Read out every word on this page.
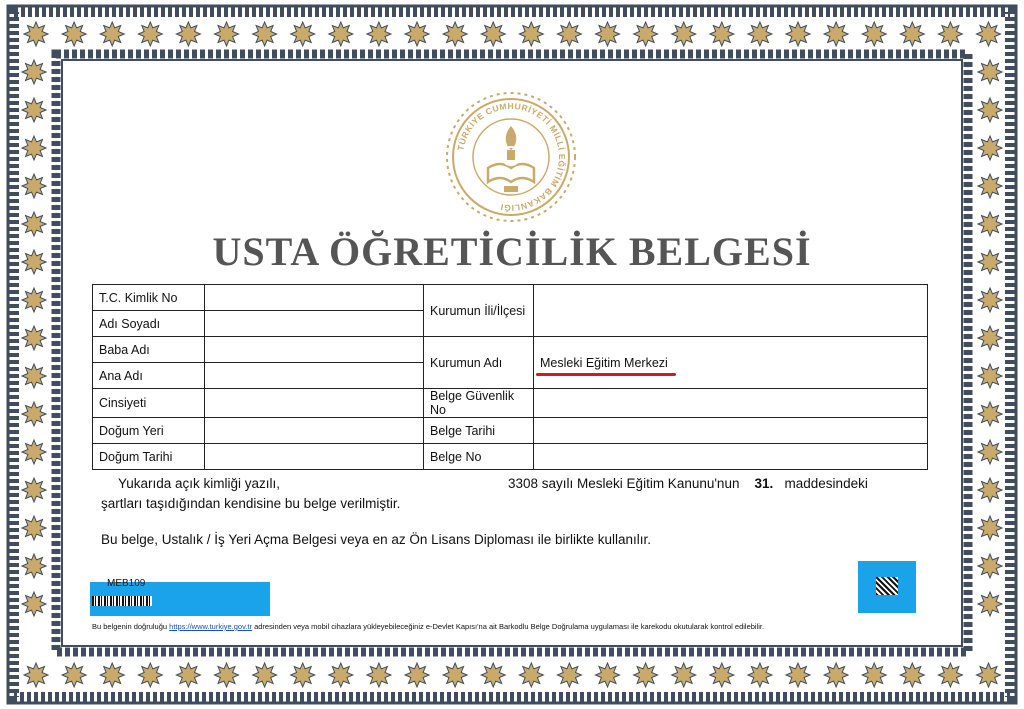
TÜRKİYE CUMHURİYETİ MİLLİ EĞİTİM BAKANLIĞI
USTA ÖĞRETİCİLİK BELGESİ
T.C. Kimlik No		Kurumun İli/İlçesi	
Adı Soyadı			
Baba Adı		Kurumun Adı	Mesleki Eğitim Merkezi

Ana Adı			
Cinsiyeti		Belge Güvenlik No	
Doğum Yeri		Belge Tarihi	
Doğum Tarihi		Belge No	
Yukarıda açık kimliği yazılı,	3308 sayılı Mesleki Eğitim Kanunu'nun 31. maddesindeki
şartları taşıdığından kendisine bu belge verilmiştir.
Bu belge, Ustalık / İş Yeri Açma Belgesi veya en az Ön Lisans Diploması ile birlikte kullanılır.
MEB109
Bu belgenin doğruluğu https://www.turkiye.gov.tr adresinden veya mobil cihazlara yükleyebileceğiniz e-Devlet Kapısı'na ait Barkodlu Belge Doğrulama uygulaması ile karekodu okutularak kontrol edilebilir.
